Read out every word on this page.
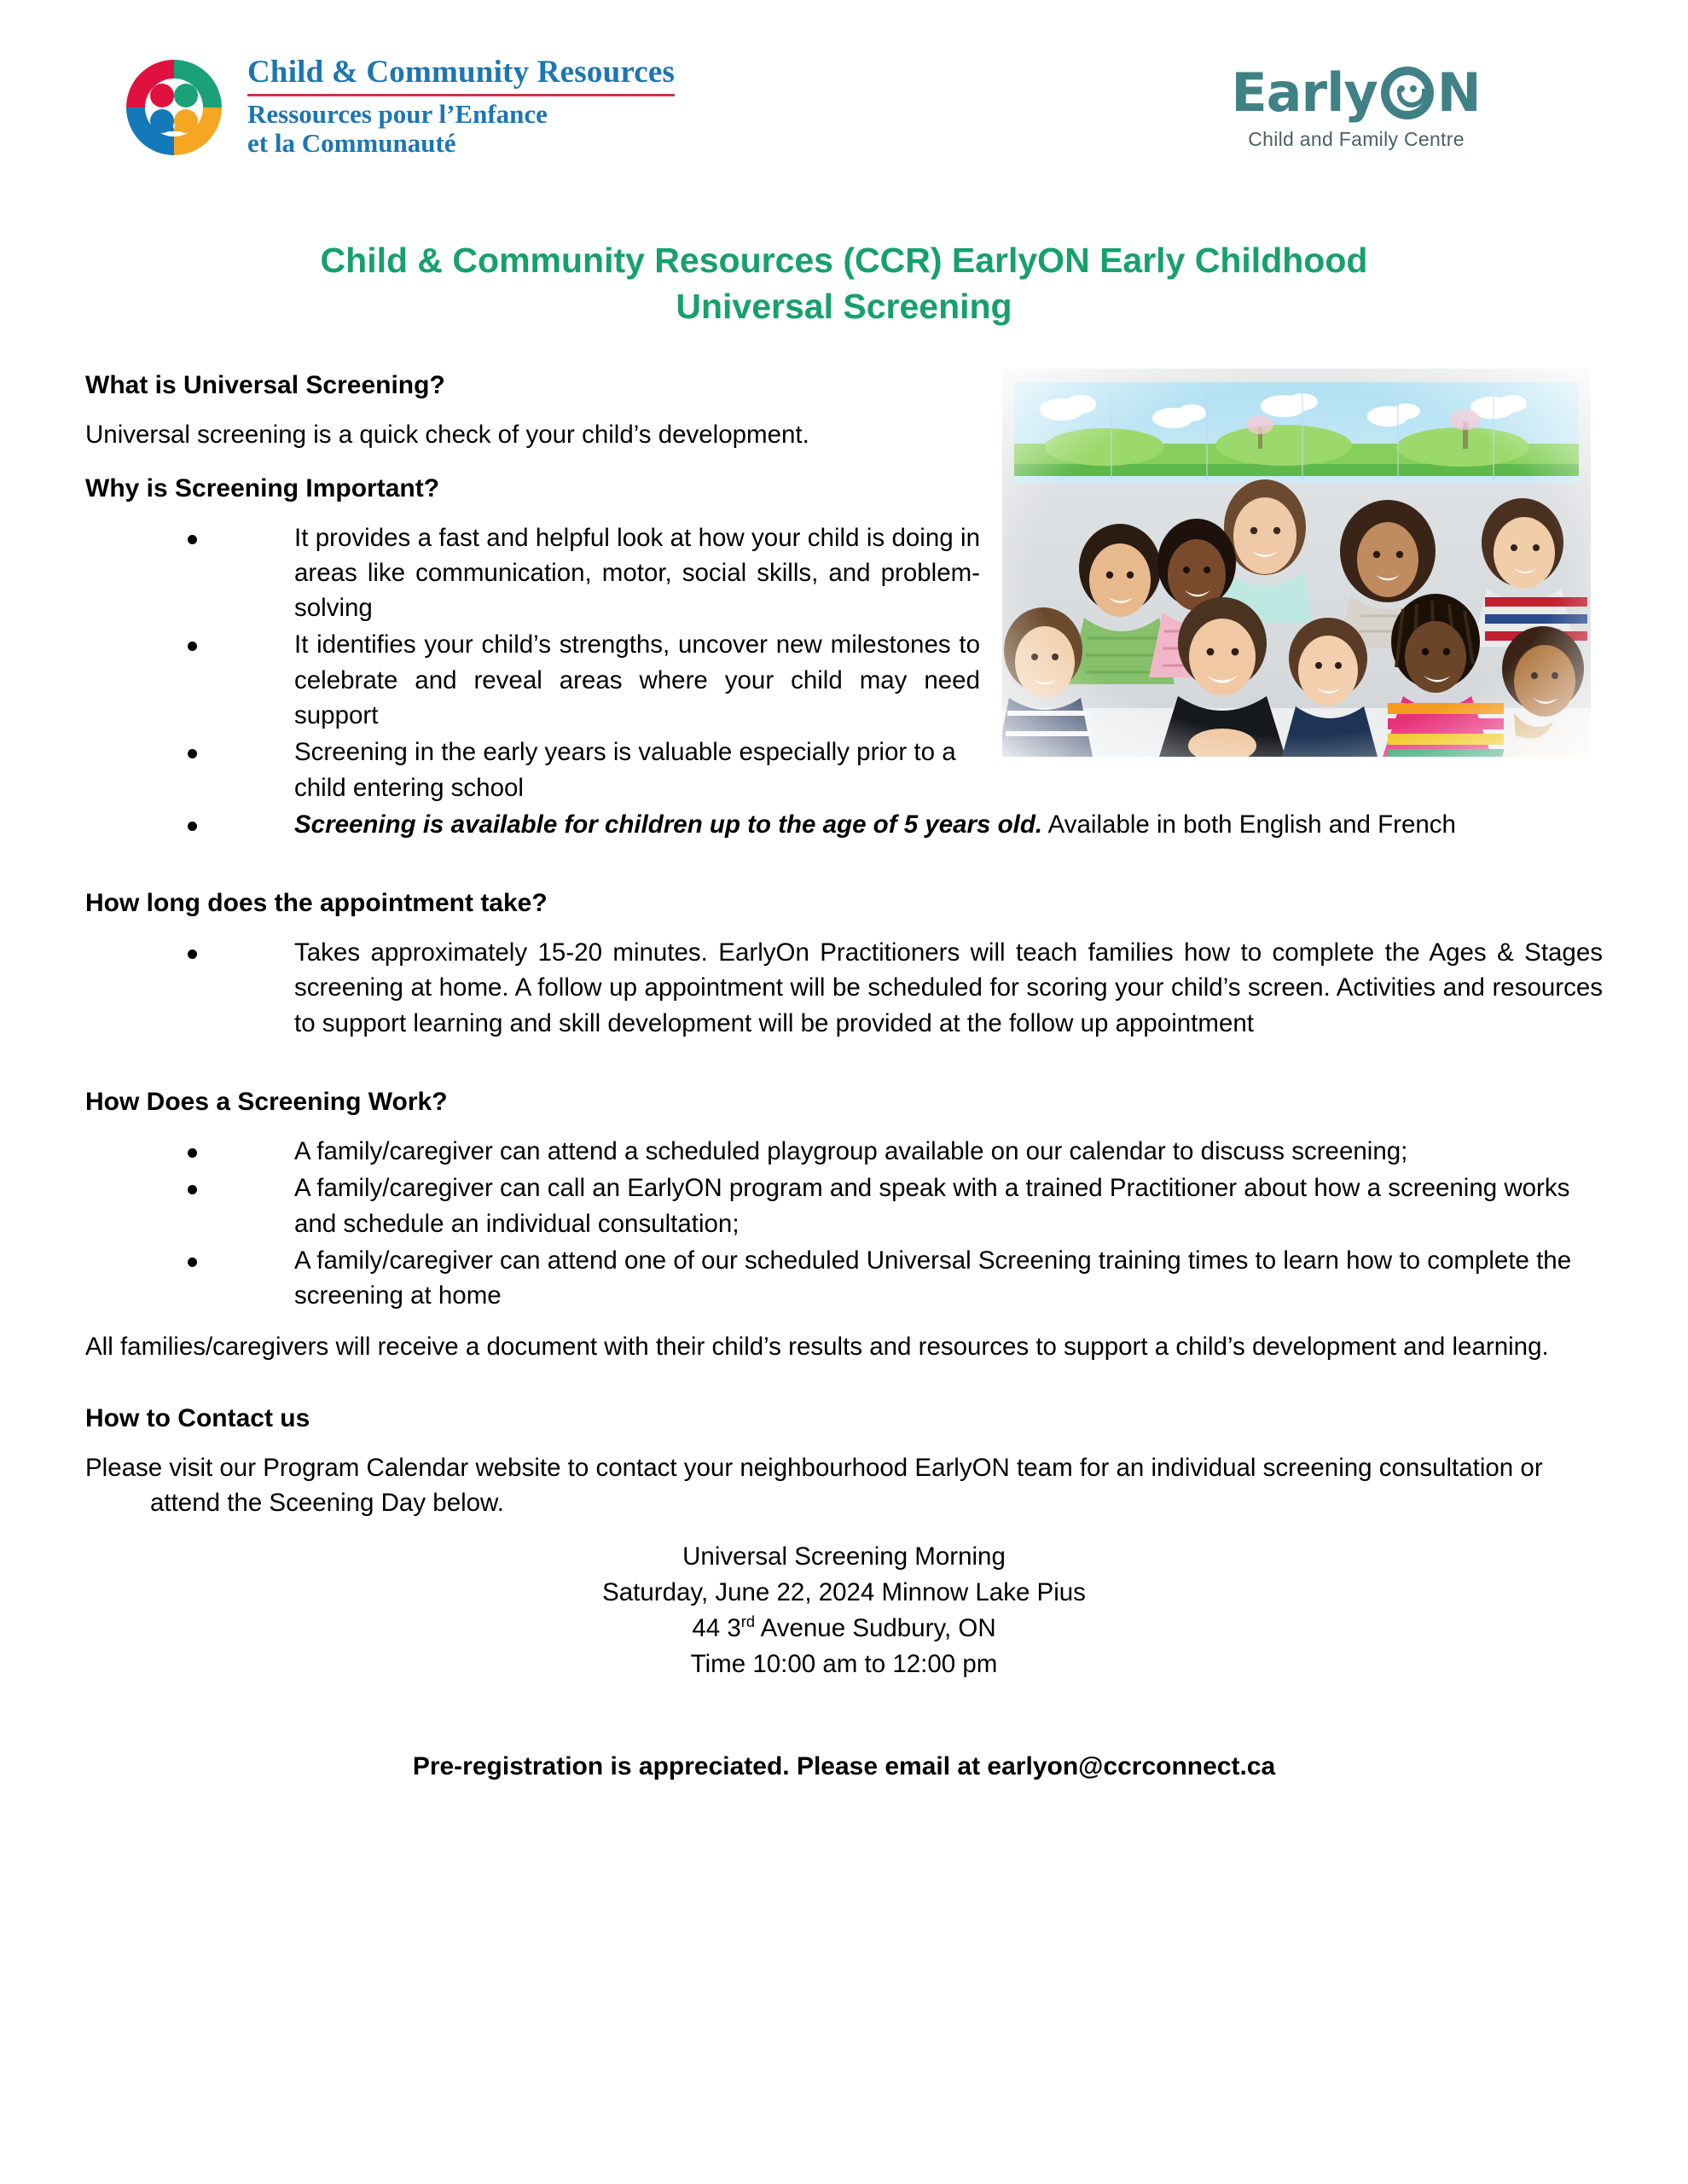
Child & Community Resources
Ressources pour l’Enfance
et la Communauté
Early N
Child and Family Centre
Child & Community Resources (CCR) EarlyON Early Childhood
Universal Screening
What is Universal Screening?

Universal screening is a quick check of your child’s development.

Why is Screening Important?
It provides a fast and helpful look at how your child is doing in areas like communication, motor, social skills, and problem-solving
It identifies your child’s strengths, uncover new milestones to celebrate and reveal areas where your child may need support
Screening in the early years is valuable especially prior to a child entering school
Screening is available for children up to the age of 5 years old. Available in both English and French
How long does the appointment take?
Takes approximately 15-20 minutes. EarlyOn Practitioners will teach families how to complete the Ages & Stages screening at home. A follow up appointment will be scheduled for scoring your child’s screen. Activities and resources to support learning and skill development will be provided at the follow up appointment
How Does a Screening Work?
A family/caregiver can attend a scheduled playgroup available on our calendar to discuss screening;
A family/caregiver can call an EarlyON program and speak with a trained Practitioner about how a screening works and schedule an individual consultation;
A family/caregiver can attend one of our scheduled Universal Screening training times to learn how to complete the screening at home

All families/caregivers will receive a document with their child’s results and resources to support a child’s development and learning.

How to Contact us

Please visit our Program Calendar website to contact your neighbourhood EarlyON team for an individual screening consultation or attend the Sceening Day below.

Universal Screening Morning
Saturday, June 22, 2024 Minnow Lake Pius
44 3rd Avenue Sudbury, ON
Time 10:00 am to 12:00 pm
Pre-registration is appreciated. Please email at earlyon@ccrconnect.ca
